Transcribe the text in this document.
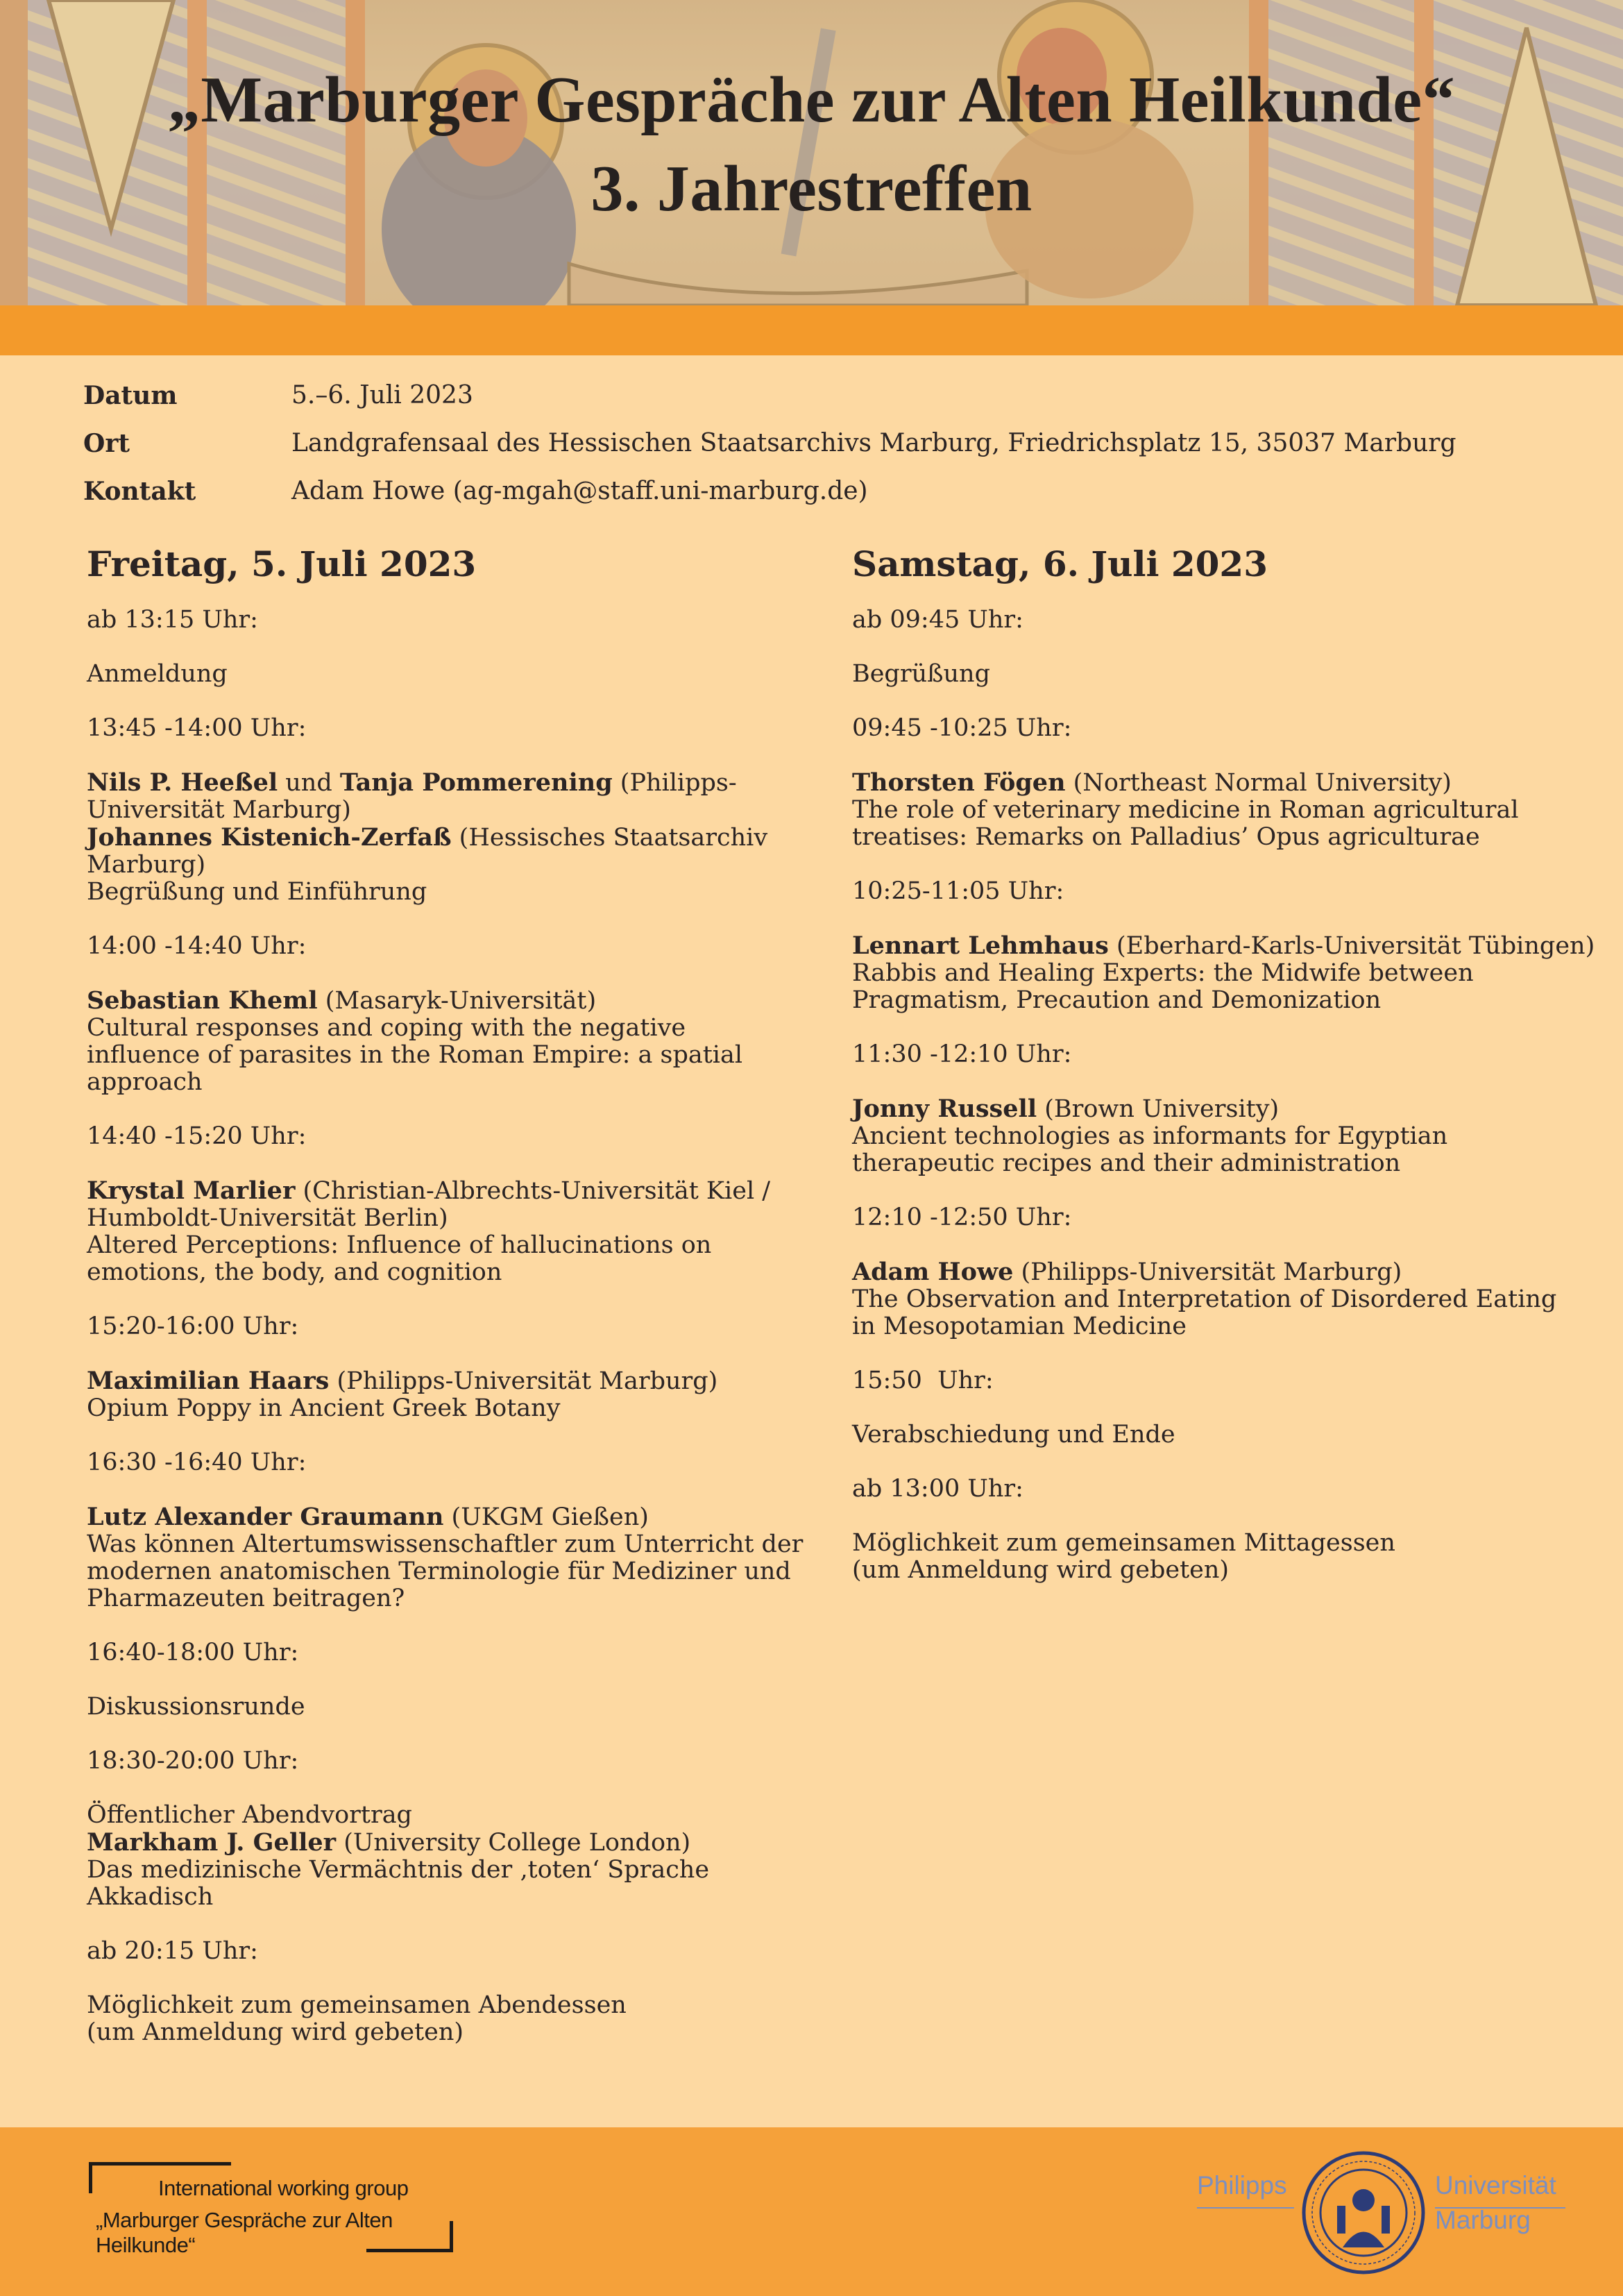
„Marburger Gespräche zur Alten Heilkunde“
3. Jahrestreffen
Datum	5.–6. Juli 2023
Ort	Landgrafensaal des Hessischen Staatsarchivs Marburg, Friedrichsplatz 15, 35037 Marburg
Kontakt	Adam Howe (ag-mgah@staff.uni-marburg.de)
Freitag, 5. Juli 2023
ab 13:15 Uhr:
Anmeldung
13:45 -14:00 Uhr:
Nils P. Heeßel und Tanja Pommerening (Philipps-
Universität Marburg)
Johannes Kistenich-Zerfaß (Hessisches Staatsarchiv
Marburg)
Begrüßung und Einführung
14:00 -14:40 Uhr:
Sebastian Kheml (Masaryk-Universität)
Cultural responses and coping with the negative
influence of parasites in the Roman Empire: a spatial
approach
14:40 -15:20 Uhr:
Krystal Marlier (Christian-Albrechts-Universität Kiel /
Humboldt-Universität Berlin)
Altered Perceptions: Influence of hallucinations on
emotions, the body, and cognition
15:20-16:00 Uhr:
Maximilian Haars (Philipps-Universität Marburg)
Opium Poppy in Ancient Greek Botany
16:30 -16:40 Uhr:
Lutz Alexander Graumann (UKGM Gießen)
Was können Altertumswissenschaftler zum Unterricht der
modernen anatomischen Terminologie für Mediziner und
Pharmazeuten beitragen?
16:40-18:00 Uhr:
Diskussionsrunde
18:30-20:00 Uhr:
Öffentlicher Abendvortrag
Markham J. Geller (University College London)
Das medizinische Vermächtnis der ‚toten‘ Sprache
Akkadisch
ab 20:15 Uhr:
Möglichkeit zum gemeinsamen Abendessen
(um Anmeldung wird gebeten)
Samstag, 6. Juli 2023
ab 09:45 Uhr:
Begrüßung
09:45 -10:25 Uhr:
Thorsten Fögen (Northeast Normal University)
The role of veterinary medicine in Roman agricultural
treatises: Remarks on Palladius’ Opus agriculturae
10:25-11:05 Uhr:
Lennart Lehmhaus (Eberhard-Karls-Universität Tübingen)
Rabbis and Healing Experts: the Midwife between
Pragmatism, Precaution and Demonization
11:30 -12:10 Uhr:
Jonny Russell (Brown University)
Ancient technologies as informants for Egyptian
therapeutic recipes and their administration
12:10 -12:50 Uhr:
Adam Howe (Philipps-Universität Marburg)
The Observation and Interpretation of Disordered Eating
in Mesopotamian Medicine
15:50  Uhr:
Verabschiedung und Ende
ab 13:00 Uhr:
Möglichkeit zum gemeinsamen Mittagessen
(um Anmeldung wird gebeten)
International working group
„Marburger Gespräche zur Alten Heilkunde“
Philipps	Universität
Marburg
